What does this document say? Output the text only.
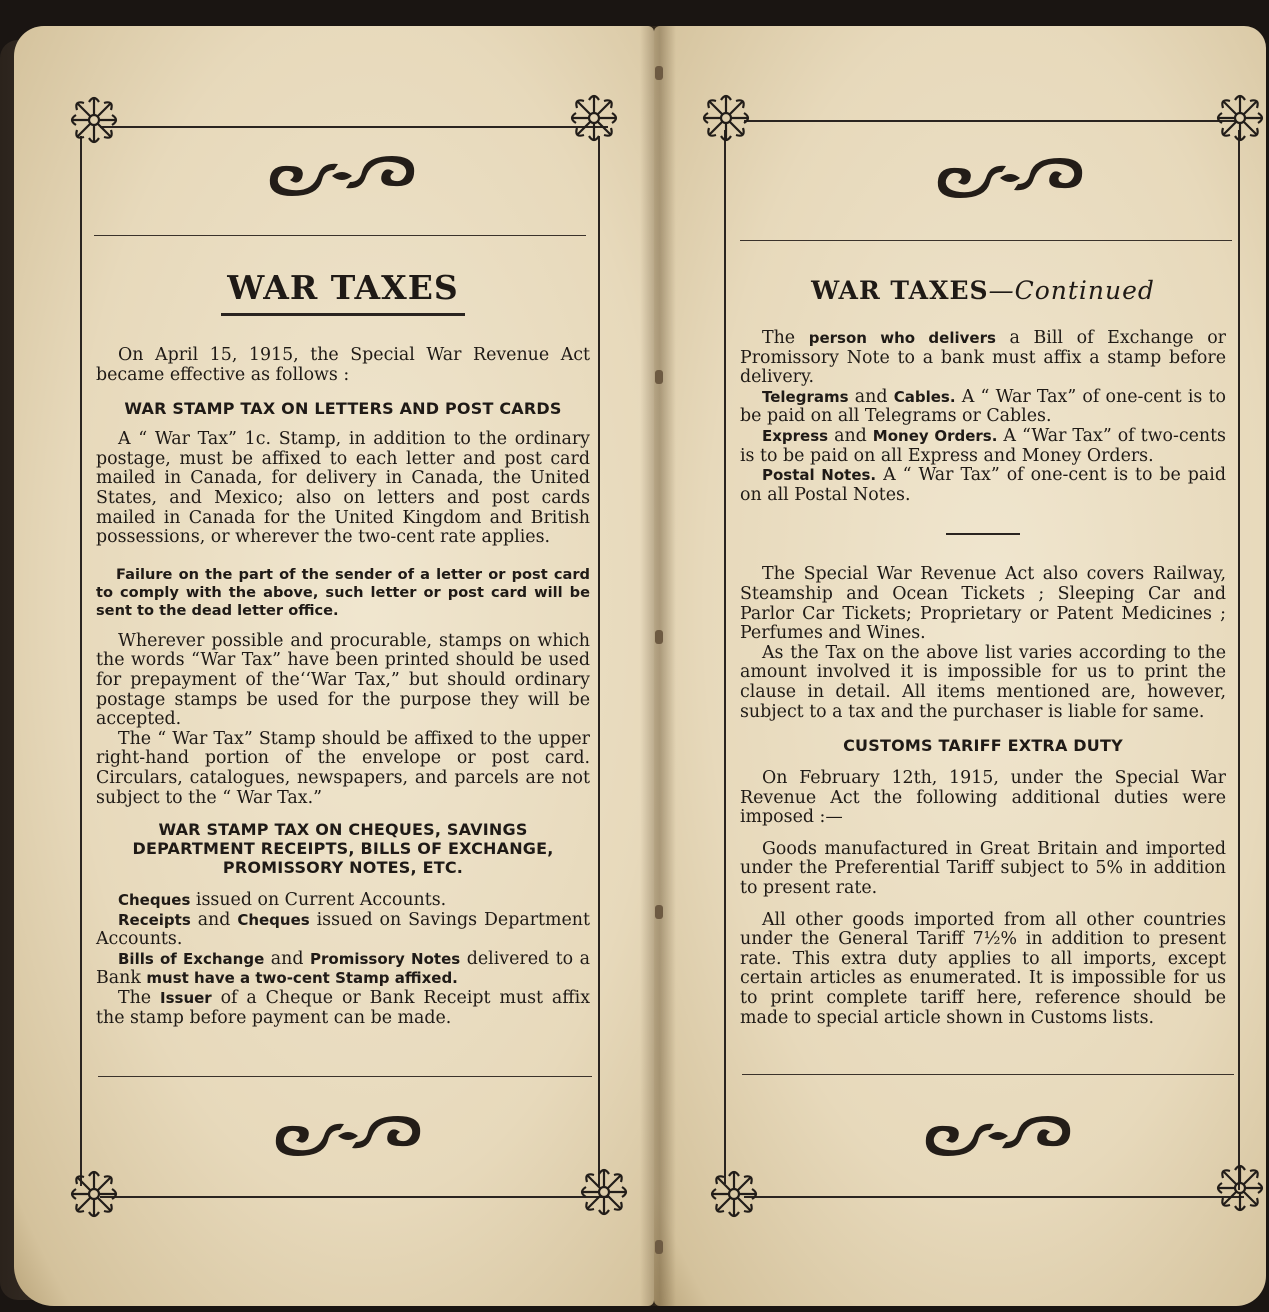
WAR TAXES

On April 15, 1915, the Special War Revenue Act became effective as follows :

WAR STAMP TAX ON LETTERS AND POST CARDS

A “ War Tax” 1c. Stamp, in addition to the ordinary postage, must be affixed to each letter and post card mailed in Canada, for delivery in Canada, the United States, and Mexico; also on letters and post cards mailed in Canada for the United Kingdom and British possessions, or wherever the two-cent rate applies.

Failure on the part of the sender of a letter or post card to comply with the above, such letter or post card will be sent to the dead letter office.

Wherever possible and procurable, stamps on which the words “War Tax” have been printed should be used for prepayment of the‘‘War Tax,” but should ordinary postage stamps be used for the purpose they will be accepted.

The “ War Tax” Stamp should be affixed to the upper right-hand portion of the envelope or post card. Circulars, catalogues, newspapers, and parcels are not subject to the “ War Tax.”

WAR STAMP TAX ON CHEQUES, SAVINGS DEPARTMENT RECEIPTS, BILLS OF EXCHANGE, PROMISSORY NOTES, ETC.

Cheques issued on Current Accounts.

Receipts and Cheques issued on Savings Department Accounts.

Bills of Exchange and Promissory Notes delivered to a Bank must have a two-cent Stamp affixed.

The Issuer of a Cheque or Bank Receipt must affix the stamp before payment can be made.

WAR TAXES—Continued

The person who delivers a Bill of Exchange or Promissory Note to a bank must affix a stamp before delivery.

Telegrams and Cables. A “ War Tax” of one-cent is to be paid on all Telegrams or Cables.

Express and Money Orders. A “War Tax” of two-cents is to be paid on all Express and Money Orders.

Postal Notes. A “ War Tax” of one-cent is to be paid on all Postal Notes.

The Special War Revenue Act also covers Railway, Steamship and Ocean Tickets ; Sleeping Car and Parlor Car Tickets; Proprietary or Patent Medicines ; Perfumes and Wines.

As the Tax on the above list varies according to the amount involved it is impossible for us to print the clause in detail. All items mentioned are, however, subject to a tax and the purchaser is liable for same.

CUSTOMS TARIFF EXTRA DUTY

On February 12th, 1915, under the Special War Revenue Act the following additional duties were imposed :—

Goods manufactured in Great Britain and imported under the Preferential Tariff subject to 5% in addition to present rate.

All other goods imported from all other countries under the General Tariff 7½% in addition to present rate. This extra duty applies to all imports, except certain articles as enumerated. It is impossible for us to print complete tariff here, reference should be made to special article shown in Customs lists.
